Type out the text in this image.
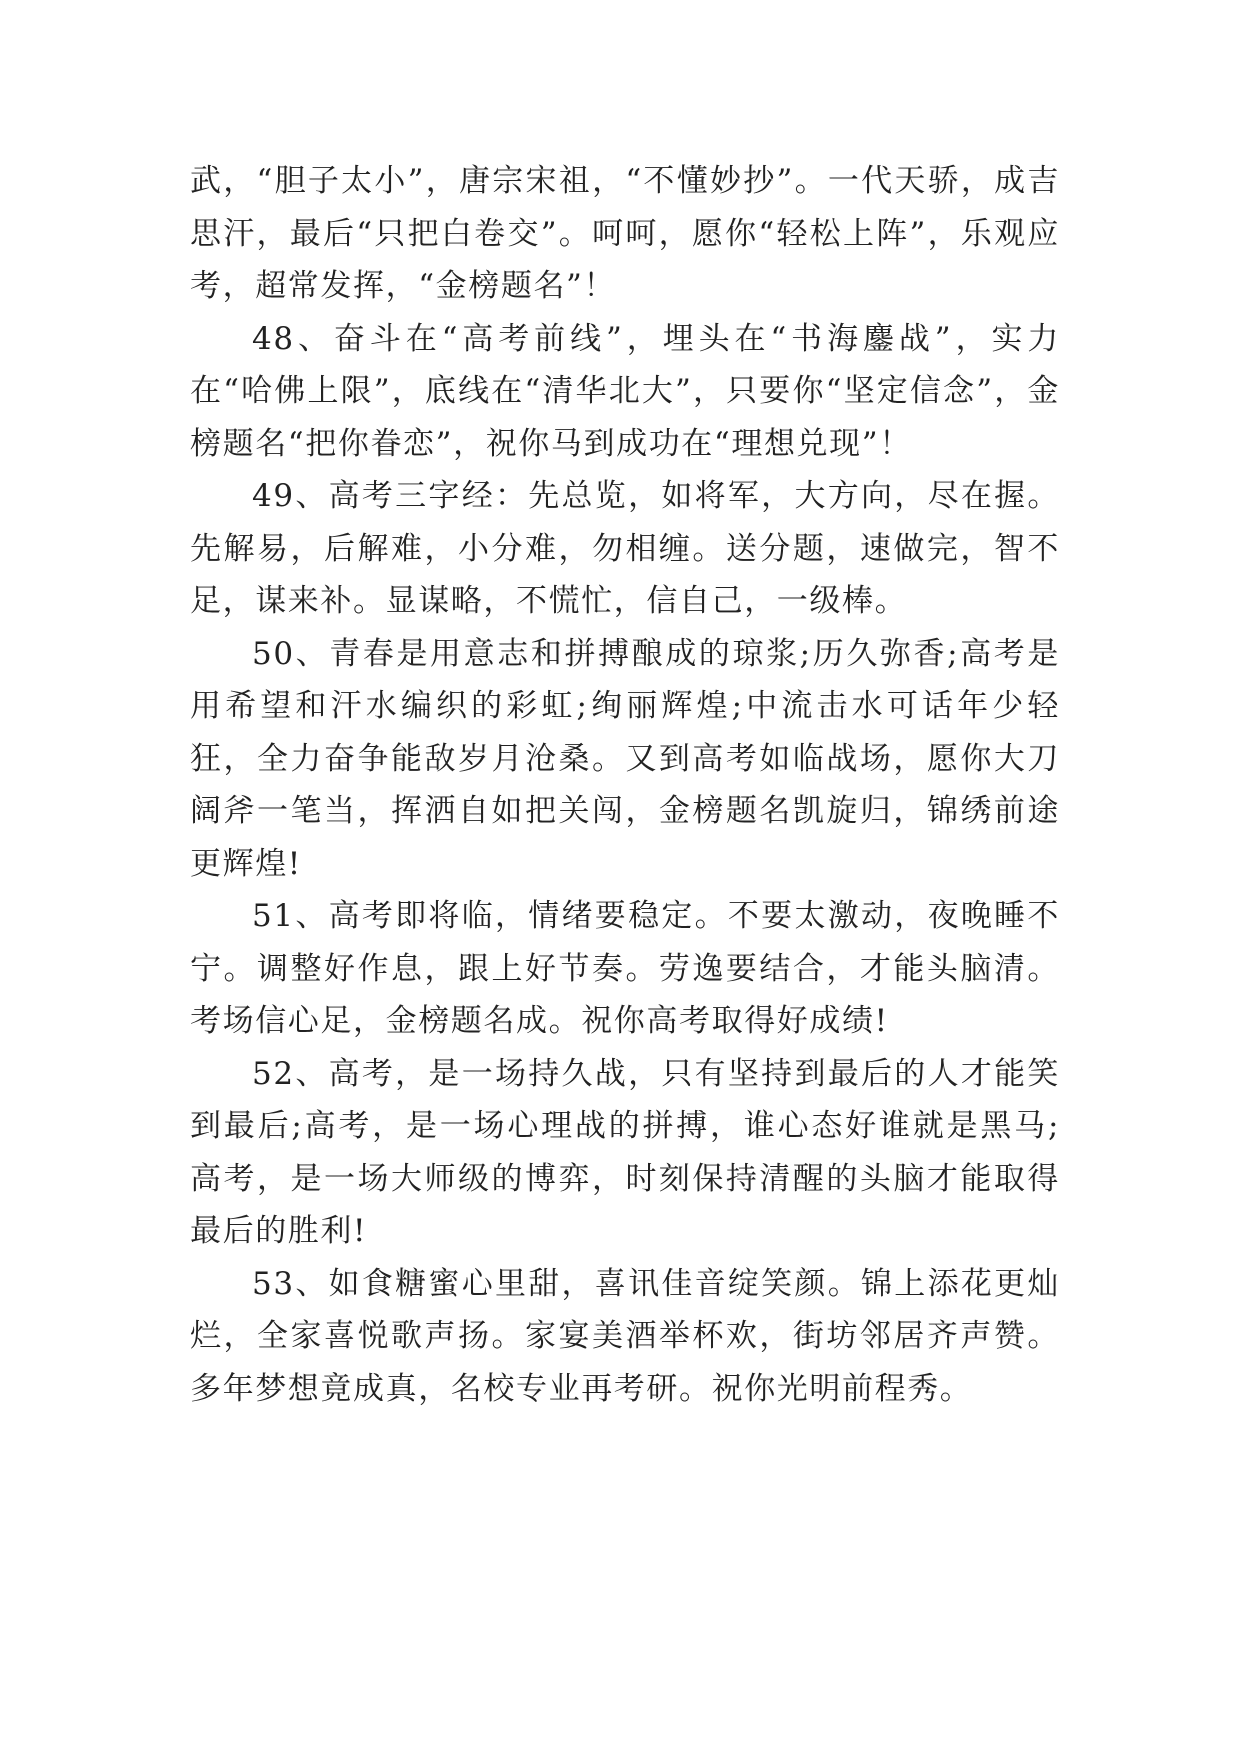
武，“胆子太小”，唐宗宋祖，“不懂妙抄”。一代天骄，成吉思汗，最后“只把白卷交”。呵呵，愿你“轻松上阵”，乐观应考，超常发挥，“金榜题名”！

48、奋斗在“高考前线”，埋头在“书海鏖战”，实力在“哈佛上限”，底线在“清华北大”，只要你“坚定信念”，金榜题名“把你眷恋”，祝你马到成功在“理想兑现”！

49、高考三字经：先总览，如将军，大方向，尽在握。先解易，后解难，小分难，勿相缠。送分题，速做完，智不足，谋来补。显谋略，不慌忙，信自己，一级棒。

50、青春是用意志和拼搏酿成的琼浆;历久弥香;高考是用希望和汗水编织的彩虹;绚丽辉煌;中流击水可话年少轻狂，全力奋争能敌岁月沧桑。又到高考如临战场，愿你大刀阔斧一笔当，挥洒自如把关闯，金榜题名凯旋归，锦绣前途更辉煌!

51、高考即将临，情绪要稳定。不要太激动，夜晚睡不宁。调整好作息，跟上好节奏。劳逸要结合，才能头脑清。考场信心足，金榜题名成。祝你高考取得好成绩!

52、高考，是一场持久战，只有坚持到最后的人才能笑到最后;高考，是一场心理战的拼搏，谁心态好谁就是黑马;高考，是一场大师级的博弈，时刻保持清醒的头脑才能取得最后的胜利!

53、如食糖蜜心里甜，喜讯佳音绽笑颜。锦上添花更灿烂，全家喜悦歌声扬。家宴美酒举杯欢，街坊邻居齐声赞。多年梦想竟成真，名校专业再考研。祝你光明前程秀。
